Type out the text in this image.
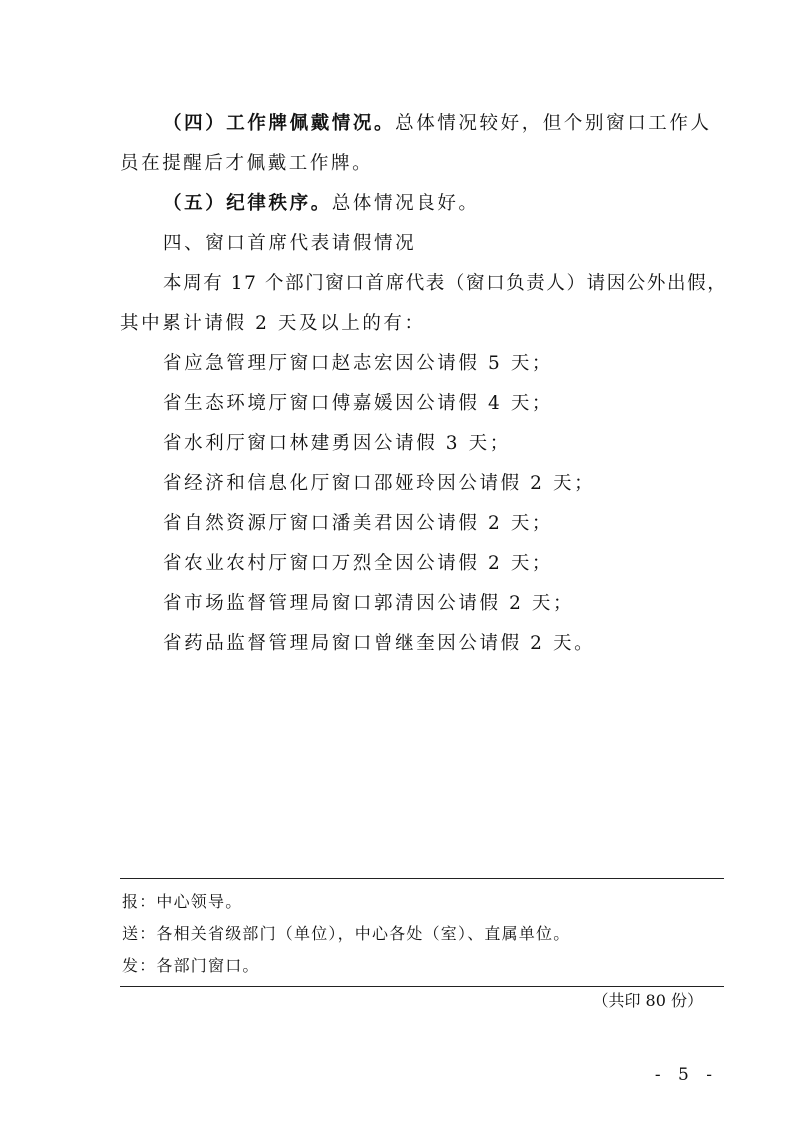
（四）工作牌佩戴情况。总体情况较好，但个别窗口工作人

员在提醒后才佩戴工作牌。

（五）纪律秩序。总体情况良好。

四、窗口首席代表请假情况

本周有 17 个部门窗口首席代表（窗口负责人）请因公外出假，

其中累计请假 2 天及以上的有：

省应急管理厅窗口赵志宏因公请假 5 天；

省生态环境厅窗口傅嘉媛因公请假 4 天；

省水利厅窗口林建勇因公请假 3 天；

省经济和信息化厅窗口邵娅玲因公请假 2 天；

省自然资源厅窗口潘美君因公请假 2 天；

省农业农村厅窗口万烈全因公请假 2 天；

省市场监督管理局窗口郭清因公请假 2 天；

省药品监督管理局窗口曾继奎因公请假 2 天。

报：中心领导。

送：各相关省级部门（单位），中心各处（室）、直属单位。

发：各部门窗口。

（共印 80 份）
- 5 -
